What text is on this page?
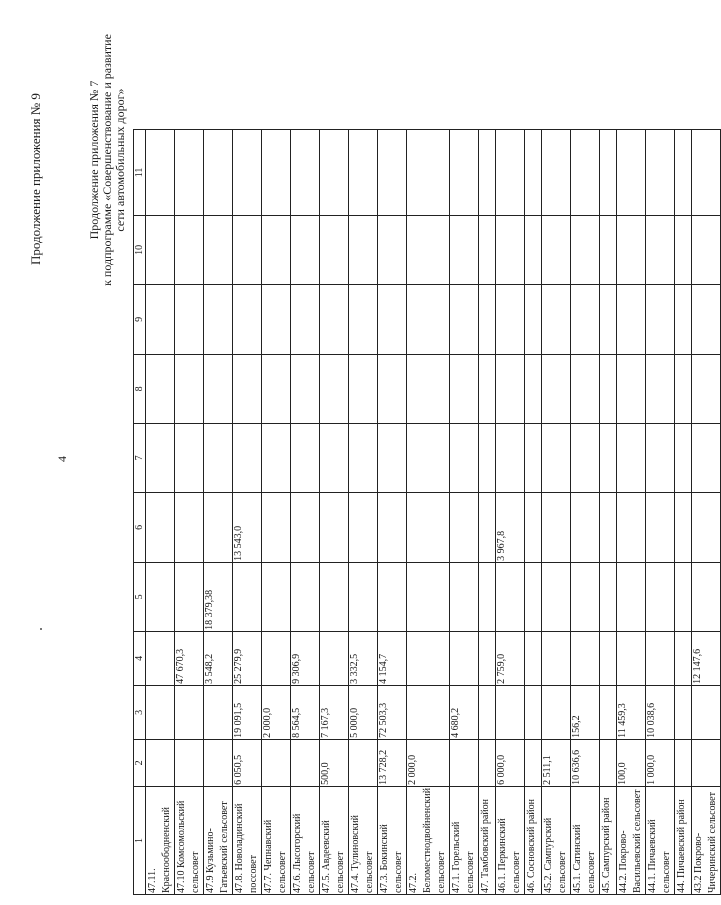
4
Продолжение приложения № 9	Продолжение приложения № 7 к подпрограмме «Совершенствование и развитие сети автомобильных дорог»
1	2	3	4	5	6	7	8	9	10	11
47.11. Красноободненский										
47.10 Комсомольский сельсовет			47 670,3							
47.9 Кузьмино-Гатьевский сельсовет			3 548,2	18 379,38						
47.8. Новоладинский поссовет	6 050,5	19 091,5	25 279,9		13 543,0					
47.7. Чепнавский сельсовет		2 000,0								
47.6. Лысогорский сельсовет		8 564,5	9 306,9							
47.5. Авдеевский сельсовет	500,0	7 167,3								
47.4. Тулиновский сельсовет		5 000,0	3 332,5							
47.3. Бокинский сельсовет	13 728,2	72 503,3	4 154,7							
47.2. Беломестнодвойненский сельсовет	2 000,0									
47.1. Горельский сельсовет		4 680,2								
47. Тамбовский район										
46.1. Перкинский сельсовет	6 000,0		2 759,0		3 967,8					
46. Сосновский район										
45.2. Сампурский сельсовет	2 511,1									
45.1. Сатинский сельсовет	10 636,6	156,2								
45. Сампурский район										
44.2. Покрово-Васильевский сельсовет	100,0	11 459,3								
44.1. Пичаевский сельсовет	1 000,0	10 038,6								
44. Пичаевский район										
43.2 Покрово-Чичеринский сельсовет			12 147,6							
